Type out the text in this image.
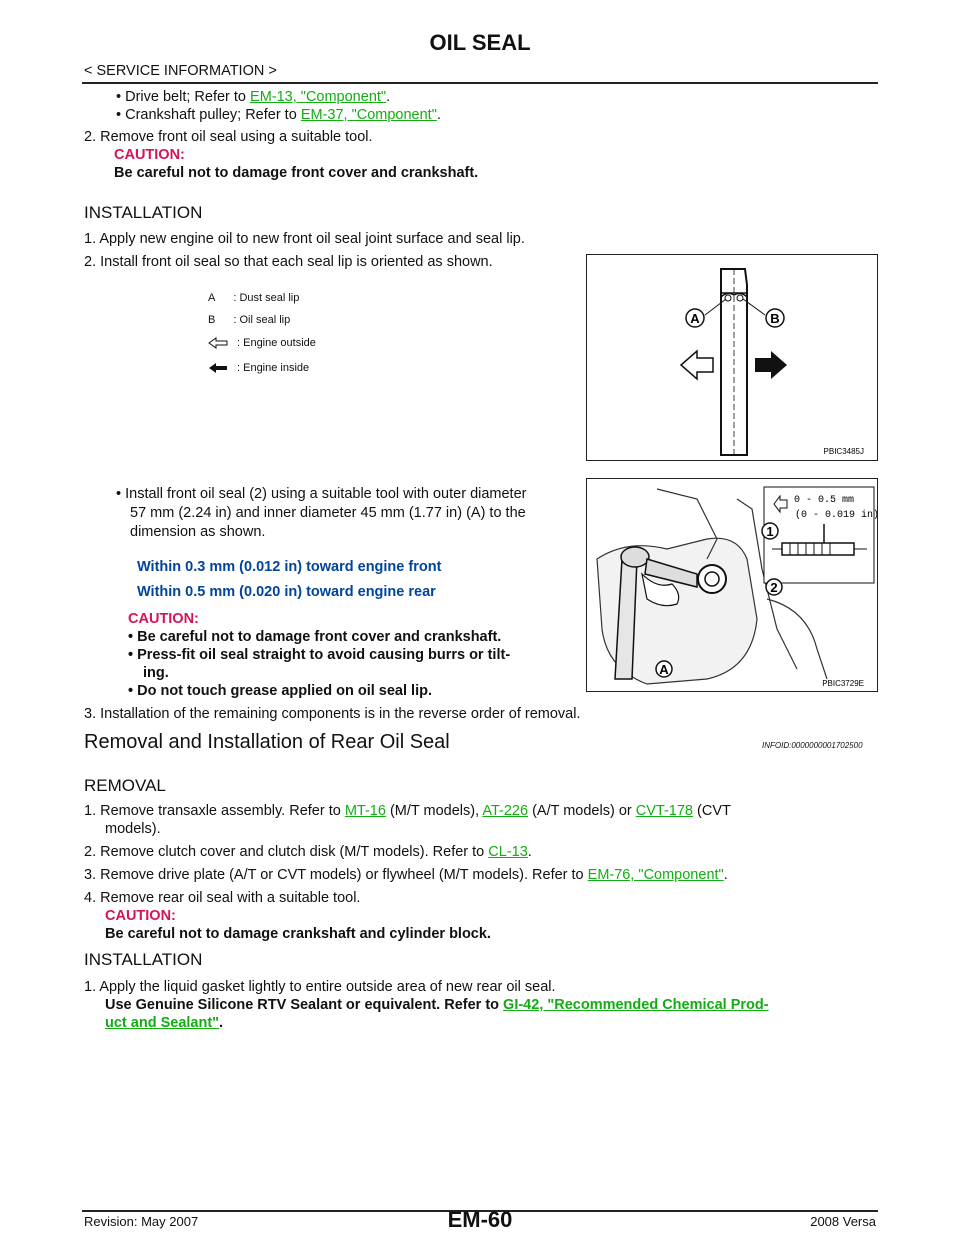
OIL SEAL
< SERVICE INFORMATION >
• Drive belt; Refer to EM-13, "Component".
• Crankshaft pulley; Refer to EM-37, "Component".
2. Remove front oil seal using a suitable tool.
CAUTION:
Be careful not to damage front cover and crankshaft.
INSTALLATION
1. Apply new engine oil to new front oil seal joint surface and seal lip.
2. Install front oil seal so that each seal lip is oriented as shown.
A : Dust seal lip
B : Oil seal lip
: Engine outside
: Engine inside
A	B
PBIC3485J
• Install front oil seal (2) using a suitable tool with outer diameter
57 mm (2.24 in) and inner diameter 45 mm (1.77 in) (A) to the
dimension as shown.
Within 0.3 mm (0.012 in) toward engine front
Within 0.5 mm (0.020 in) toward engine rear
CAUTION:
• Be careful not to damage front cover and crankshaft.
• Press-fit oil seal straight to avoid causing burrs or tilt-
ing.
• Do not touch grease applied on oil seal lip.
0 - 0.5 mm
(0 - 0.019 in)
1
2
A
PBIC3729E
3. Installation of the remaining components is in the reverse order of removal.
Removal and Installation of Rear Oil Seal	INFOID:0000000001702500
REMOVAL
1. Remove transaxle assembly. Refer to MT-16 (M/T models), AT-226 (A/T models) or CVT-178 (CVT
models).
2. Remove clutch cover and clutch disk (M/T models). Refer to CL-13.
3. Remove drive plate (A/T or CVT models) or flywheel (M/T models). Refer to EM-76, "Component".
4. Remove rear oil seal with a suitable tool.
CAUTION:
Be careful not to damage crankshaft and cylinder block.
INSTALLATION
1. Apply the liquid gasket lightly to entire outside area of new rear oil seal.
Use Genuine Silicone RTV Sealant or equivalent. Refer to GI-42, "Recommended Chemical Prod-
uct and Sealant".
Revision: May 2007	EM-60	2008 Versa
